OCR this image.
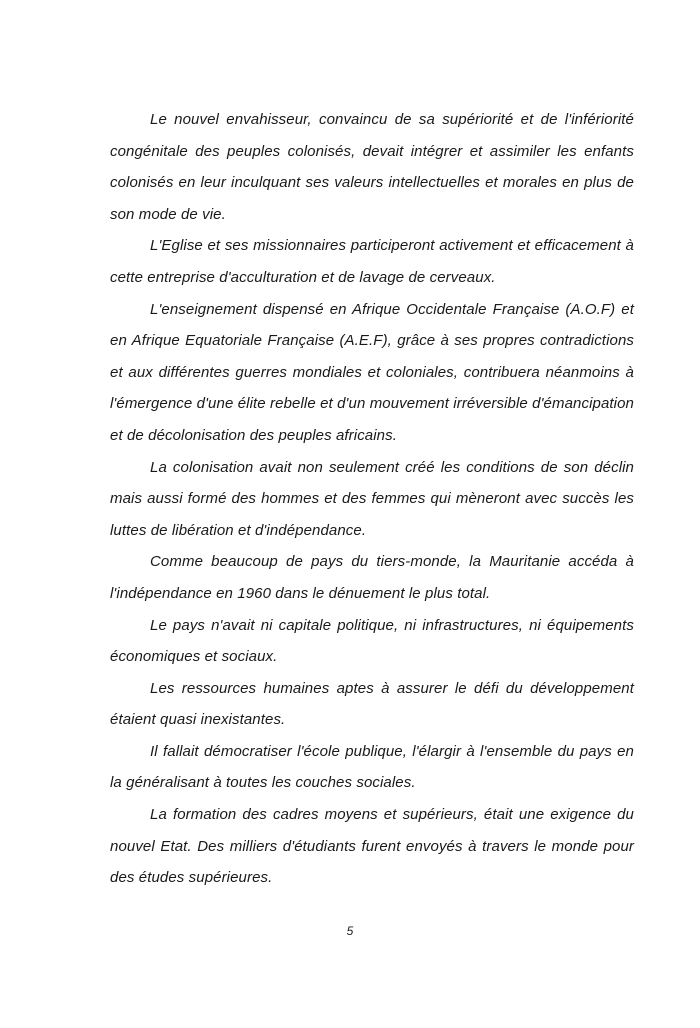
Le nouvel envahisseur, convaincu de sa supériorité et de l'infériorité congénitale des peuples colonisés, devait intégrer et assimiler les enfants colonisés en leur inculquant ses valeurs intellectuelles et morales en plus de son mode de vie.

L'Eglise et ses missionnaires participeront activement et efficacement à cette entreprise d'acculturation et de lavage de cerveaux.

L'enseignement dispensé en Afrique Occidentale Française (A.O.F) et en Afrique Equatoriale Française (A.E.F), grâce à ses propres contradictions et aux différentes guerres mondiales et coloniales, contribuera néanmoins à l'émergence d'une élite rebelle et d'un mouvement irréversible d'émancipation et de décolonisation des peuples africains.

La colonisation avait non seulement créé les conditions de son déclin mais aussi formé des hommes et des femmes qui mèneront avec succès les luttes de libération et d'indépendance.

Comme beaucoup de pays du tiers-monde, la Mauritanie accéda à l'indépendance en 1960 dans le dénuement le plus total.

Le pays n'avait ni capitale politique, ni infrastructures, ni équipements économiques et sociaux.

Les ressources humaines aptes à assurer le défi du développement étaient quasi inexistantes.

Il fallait démocratiser l'école publique, l'élargir à l'ensemble du pays en la généralisant à toutes les couches sociales.

La formation des cadres moyens et supérieurs, était une exigence du nouvel Etat. Des milliers d'étudiants furent envoyés à travers le monde pour des études supérieures.

5
